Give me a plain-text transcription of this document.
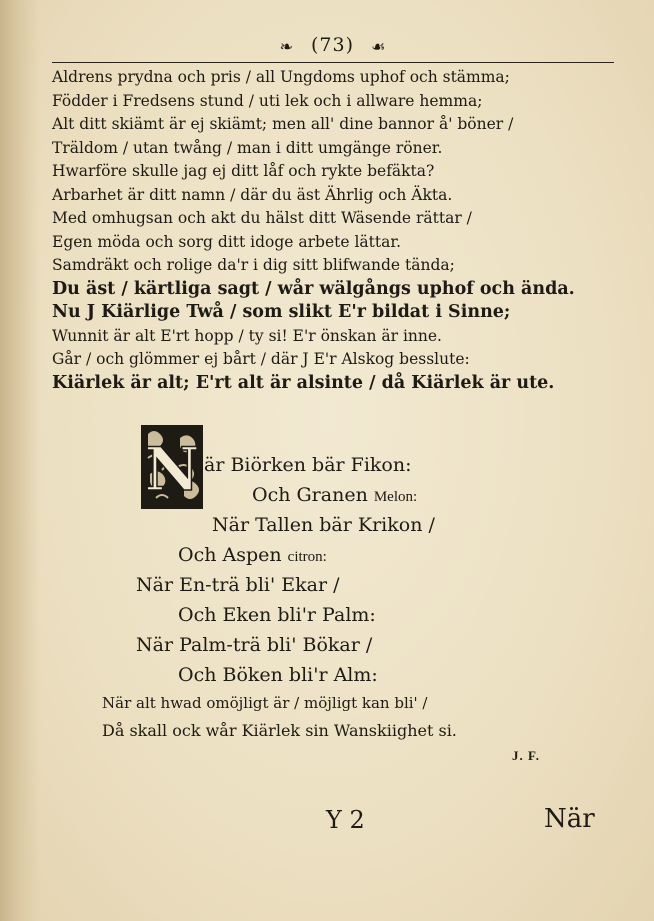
❧ (73) ☙
Aldrens prydna och pris / all Ungdoms uphof och stämma;
Födder i Fredsens stund / uti lek och i allware hemma;
Alt ditt skiämt är ej skiämt; men all' dine bannor å' böner /
Träldom / utan twång / man i ditt umgänge röner.
Hwarföre skulle jag ej ditt låf och rykte befäkta?
Arbarhet är ditt namn / där du äst Ährlig och Äkta.
Med omhugsan och akt du hälst ditt Wäsende rättar /
Egen möda och sorg ditt idoge arbete lättar.
Samdräkt och rolige da'r i dig sitt blifwande tända;
Du äst / kärtliga sagt / wår wälgångs uphof och ända.
Nu J Kiärlige Twå / som slikt E'r bildat i Sinne;
Wunnit är alt E'rt hopp / ty si! E'r önskan är inne.
Går / och glömmer ej bårt / där J E'r Alskog besslute:
Kiärlek är alt; E'rt alt är alsinte / då Kiärlek är ute.
N är Biörken bär Fikon:
Och Granen Melon:
När Tallen bär Krikon /
Och Aspen citron:
När En-trä bli' Ekar /
Och Eken bli'r Palm:
När Palm-trä bli' Bökar /
Och Böken bli'r Alm:
När alt hwad omöjligt är / möjligt kan bli' /
Då skall ock wår Kiärlek sin Wanskiighet si.
J. F.
Y 2	När
